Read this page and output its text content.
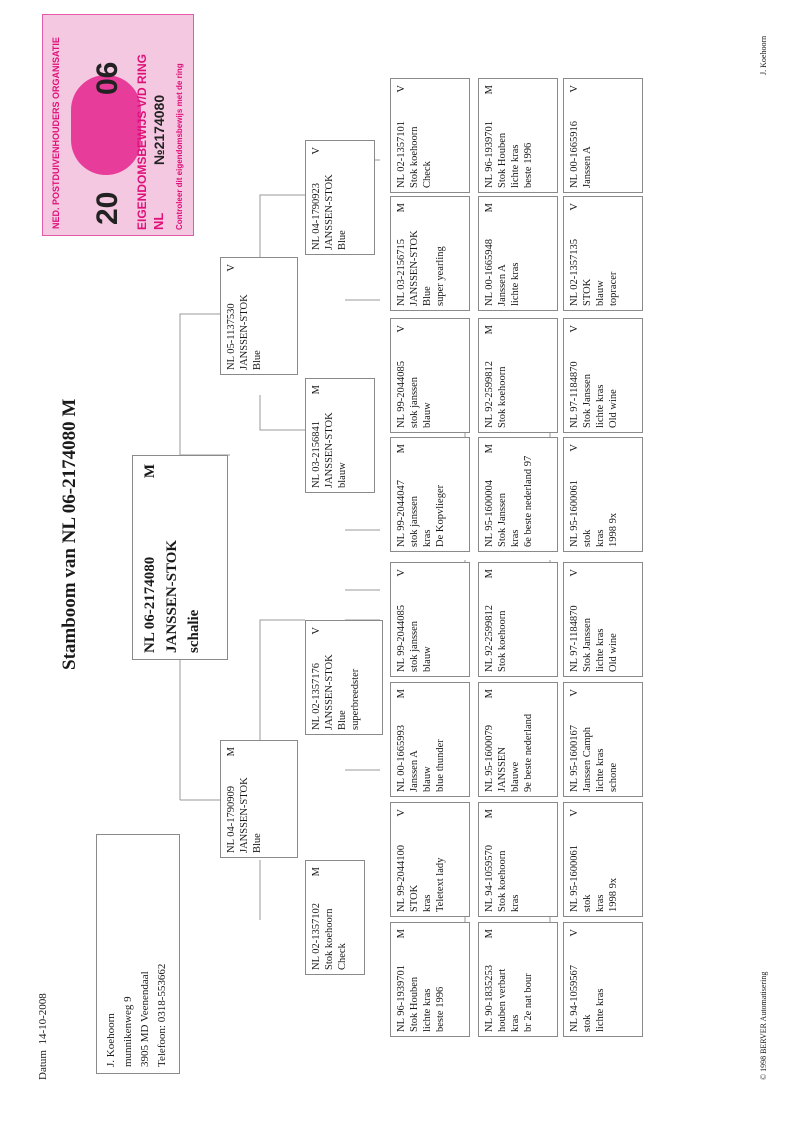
Datum  14-10-2008
Stamboom van NL 06-2174080 M
© 1998 BERVER Automatisering
J. Koehoorn
NED. POSTDUIVENHOUDERS ORGANISATIE 20
06 EIGENDOMSBEWIJS V/D RING NL
№2174080 Controleer dit eigendomsbewijs met de ring
J. Koehoorn munnikenweg 9 3905 MD Veenendaal Telefoon: 0318-553662
NL 06-2174080
M
JANSSEN-STOK schalie
NL 04-1790909
M
JANSSEN-STOK Blue
NL 02-1357102
M
Stok koehoorn Check
NL 02-1357176
V
JANSSEN-STOK Blue superbreedster
NL 96-1939701
M
Stok Houben lichte kras beste 1996
NL 99-2044100
V
STOK kras Teletext lady
NL 00-1665993
M
Janssen A blauw blue thunder
NL 99-2044085
V
stok janssen blauw
NL 90-1835253
M
houben verbart kras br 2e nat bour
NL 94-1059570
M
Stok koehoorn kras
NL 95-1600079
M
JANSSEN blauwe 9e beste nederland
NL 92-2599812
M
Stok koehoorn
NL 94-1059567
V
stok lichte kras
NL 95-1600061
V
stok kras 1998 9x
NL 95-1600167
V
Janssen Camph lichte kras schone
NL 97-1184870
V
Stok Janssen lichte kras Old wine
NL 05-1137530
V
JANSSEN-STOK Blue
NL 03-2156841
M
JANSSEN-STOK blauw
NL 04-1790923
V
JANSSEN-STOK Blue
NL 99-2044047
M
stok janssen kras De Kopvlieger
NL 99-2044085
V
stok janssen blauw
NL 03-2156715
M
JANSSEN-STOK Blue super yearling
NL 02-1357101
V
Stok koehoorn Check
NL 95-1600004
M
Stok Janssen kras 6e beste nederland 97
NL 92-2599812
M
Stok koehoorn
NL 00-1665948
M
Janssen A lichte kras
NL 96-1939701
M
Stok Houben lichte kras beste 1996
NL 95-1600061
V
stok kras 1998 9x
NL 97-1184870
V
Stok Janssen lichte kras Old wine
NL 02-1357135
V
STOK blauw topracer
NL 00-1665916
V
Janssen A
